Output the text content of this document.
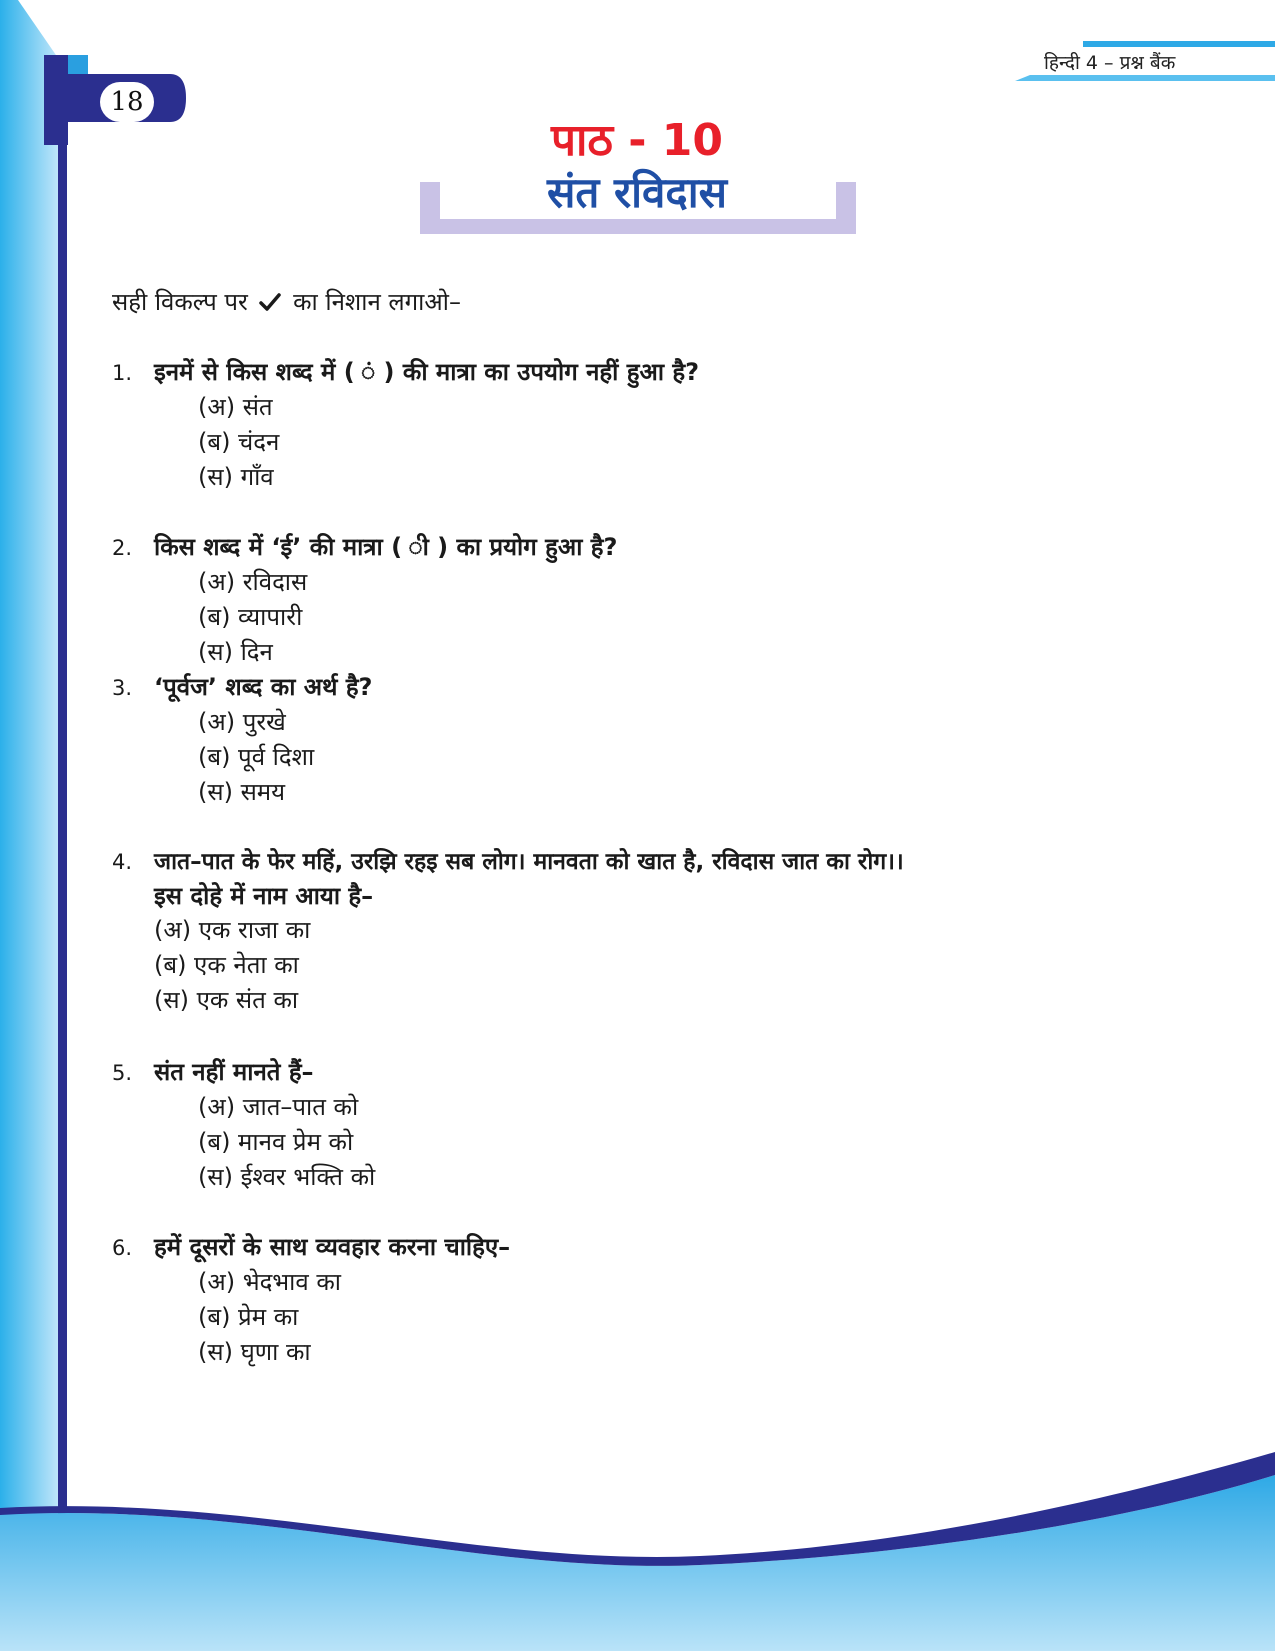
18
हिन्दी 4 – प्रश्न बैंक
पाठ - 10
संत रविदास
सही विकल्प पर का निशान लगाओ–
1. इनमें से किस शब्द में ( ं ) की मात्रा का उपयोग नहीं हुआ है?
(अ) संत
(ब) चंदन
(स) गाँव
2. किस शब्द में ‘ई’ की मात्रा ( ी ) का प्रयोग हुआ है?
(अ) रविदास
(ब) व्यापारी
(स) दिन
3. ‘पूर्वज’ शब्द का अर्थ है?
(अ) पुरखे
(ब) पूर्व दिशा
(स) समय
4. जात–पात के फेर महिं, उरझि रहइ सब लोग। मानवता को खात है, रविदास जात का रोग।।
इस दोहे में नाम आया है–
(अ) एक राजा का
(ब) एक नेता का
(स) एक संत का
5. संत नहीं मानते हैं–
(अ) जात–पात को
(ब) मानव प्रेम को
(स) ईश्वर भक्ति को
6. हमें दूसरों के साथ व्यवहार करना चाहिए–
(अ) भेदभाव का
(ब) प्रेम का
(स) घृणा का
